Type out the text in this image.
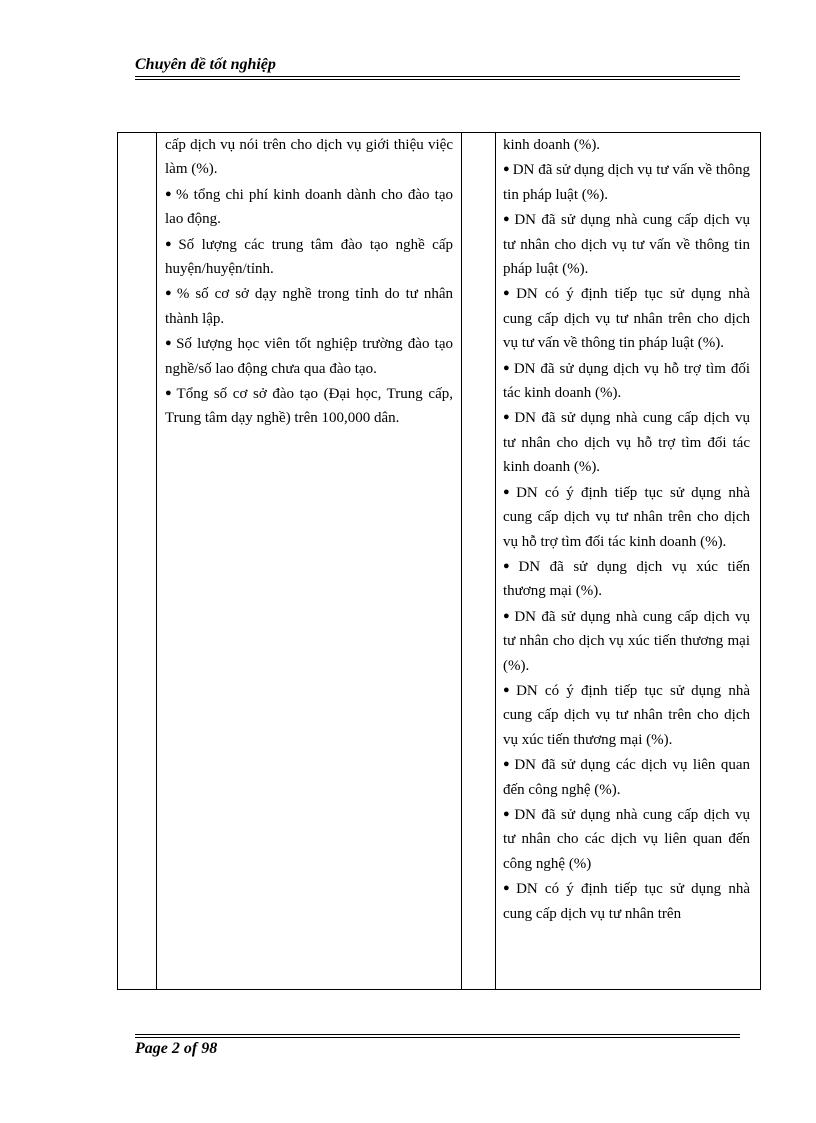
Chuyên đề tốt nghiệp

cấp dịch vụ nói trên cho dịch vụ giới thiệu việc làm (%).

● % tổng chi phí kinh doanh dành cho đào tạo lao động.

● Số lượng các trung tâm đào tạo nghề cấp huyện/huyện/tỉnh.

● % số cơ sở dạy nghề trong tỉnh do tư nhân thành lập.

● Số lượng học viên tốt nghiệp trường đào tạo nghề/số lao động chưa qua đào tạo.

● Tổng số cơ sở đào tạo (Đại học, Trung cấp, Trung tâm dạy nghề) trên 100,000 dân.

kinh doanh (%).

● DN đã sử dụng dịch vụ tư vấn về thông tin pháp luật (%).

● DN đã sử dụng nhà cung cấp dịch vụ tư nhân cho dịch vụ tư vấn về thông tin pháp luật (%).

● DN có ý định tiếp tục sử dụng nhà cung cấp dịch vụ tư nhân trên cho dịch vụ tư vấn về thông tin pháp luật (%).

● DN đã sử dụng dịch vụ hỗ trợ tìm đối tác kinh doanh (%).

● DN đã sử dụng nhà cung cấp dịch vụ tư nhân cho dịch vụ hỗ trợ tìm đối tác kinh doanh (%).

● DN có ý định tiếp tục sử dụng nhà cung cấp dịch vụ tư nhân trên cho dịch vụ hỗ trợ tìm đối tác kinh doanh (%).

● DN đã sử dụng dịch vụ xúc tiến thương mại (%).

● DN đã sử dụng nhà cung cấp dịch vụ tư nhân cho dịch vụ xúc tiến thương mại (%).

● DN có ý định tiếp tục sử dụng nhà cung cấp dịch vụ tư nhân trên cho dịch vụ xúc tiến thương mại (%).

● DN đã sử dụng các dịch vụ liên quan đến công nghệ (%).

● DN đã sử dụng nhà cung cấp dịch vụ tư nhân cho các dịch vụ liên quan đến công nghệ (%)

● DN có ý định tiếp tục sử dụng nhà cung cấp dịch vụ tư nhân trên

Page 2 of 98
